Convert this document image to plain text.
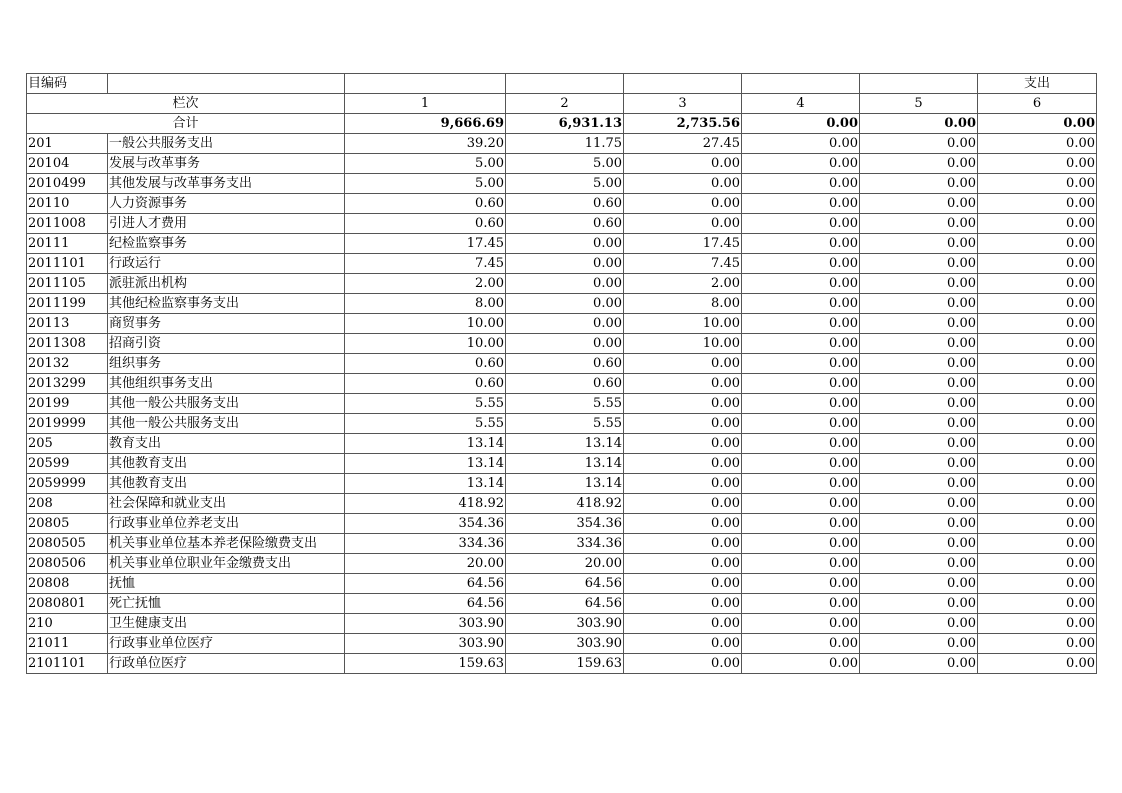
目编码							支出
栏次		1	2	3	4	5	6
合计		9,666.69	6,931.13	2,735.56	0.00	0.00	0.00
201	一般公共服务支出	39.20	11.75	27.45	0.00	0.00	0.00
20104	发展与改革事务	5.00	5.00	0.00	0.00	0.00	0.00
2010499	其他发展与改革事务支出	5.00	5.00	0.00	0.00	0.00	0.00
20110	人力资源事务	0.60	0.60	0.00	0.00	0.00	0.00
2011008	引进人才费用	0.60	0.60	0.00	0.00	0.00	0.00
20111	纪检监察事务	17.45	0.00	17.45	0.00	0.00	0.00
2011101	行政运行	7.45	0.00	7.45	0.00	0.00	0.00
2011105	派驻派出机构	2.00	0.00	2.00	0.00	0.00	0.00
2011199	其他纪检监察事务支出	8.00	0.00	8.00	0.00	0.00	0.00
20113	商贸事务	10.00	0.00	10.00	0.00	0.00	0.00
2011308	招商引资	10.00	0.00	10.00	0.00	0.00	0.00
20132	组织事务	0.60	0.60	0.00	0.00	0.00	0.00
2013299	其他组织事务支出	0.60	0.60	0.00	0.00	0.00	0.00
20199	其他一般公共服务支出	5.55	5.55	0.00	0.00	0.00	0.00
2019999	其他一般公共服务支出	5.55	5.55	0.00	0.00	0.00	0.00
205	教育支出	13.14	13.14	0.00	0.00	0.00	0.00
20599	其他教育支出	13.14	13.14	0.00	0.00	0.00	0.00
2059999	其他教育支出	13.14	13.14	0.00	0.00	0.00	0.00
208	社会保障和就业支出	418.92	418.92	0.00	0.00	0.00	0.00
20805	行政事业单位养老支出	354.36	354.36	0.00	0.00	0.00	0.00
2080505	机关事业单位基本养老保险缴费支出	334.36	334.36	0.00	0.00	0.00	0.00
2080506	机关事业单位职业年金缴费支出	20.00	20.00	0.00	0.00	0.00	0.00
20808	抚恤	64.56	64.56	0.00	0.00	0.00	0.00
2080801	死亡抚恤	64.56	64.56	0.00	0.00	0.00	0.00
210	卫生健康支出	303.90	303.90	0.00	0.00	0.00	0.00
21011	行政事业单位医疗	303.90	303.90	0.00	0.00	0.00	0.00
2101101	行政单位医疗	159.63	159.63	0.00	0.00	0.00	0.00
